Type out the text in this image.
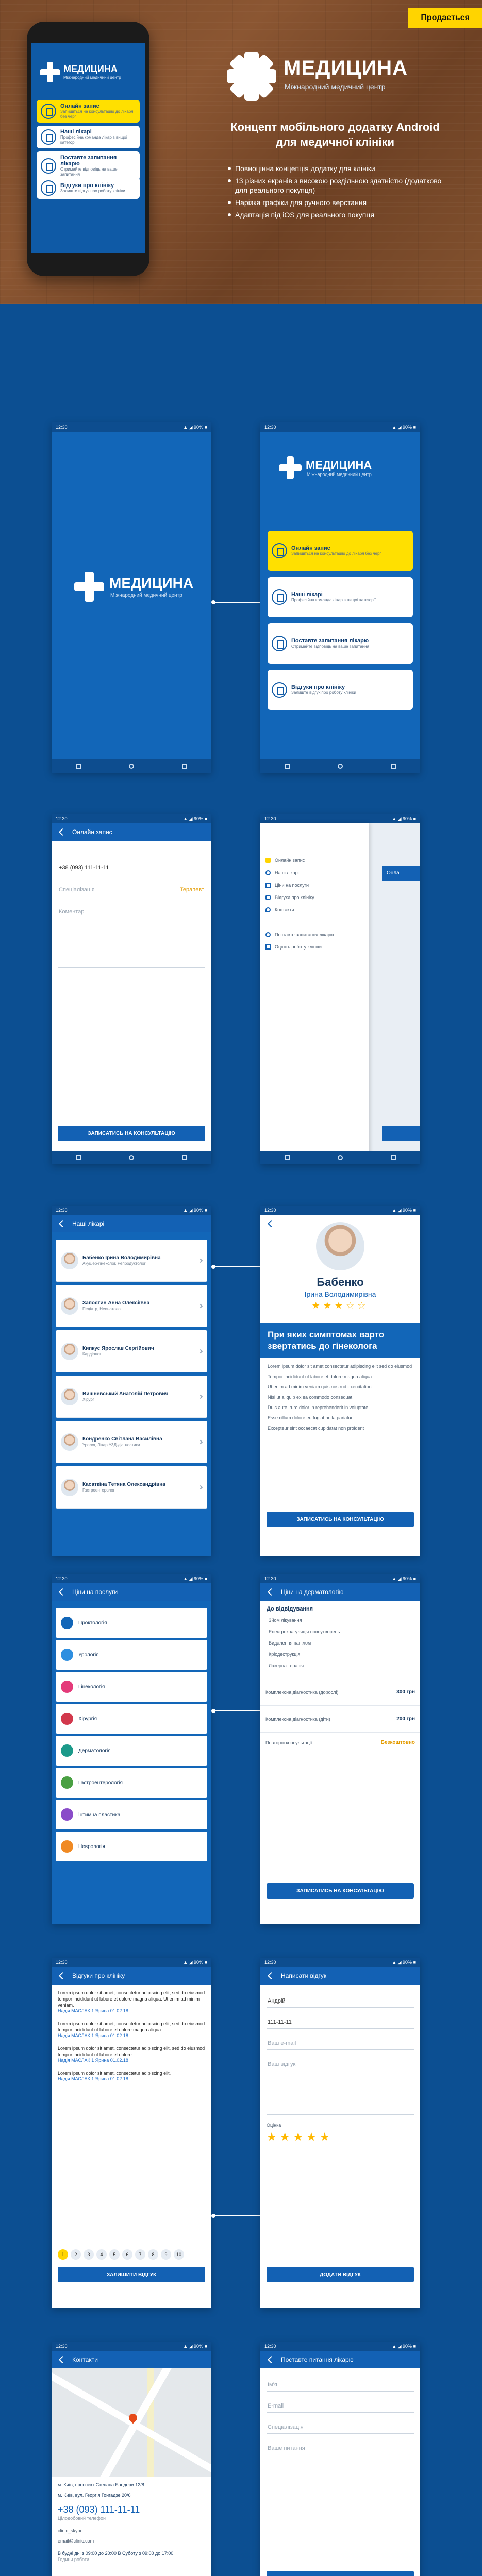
Продається
МЕДИЦИНА
Міжнародний медичний центр
Онлайн запис
Запишіться на консультацію до лікаря без черг
Наші лікарі
Професійна команда лікарів вищої категорії
Поставте запитання лікарю
Отримайте відповідь на ваше запитання
Відгуки про клініку
Залиште відгук про роботу клініки
МЕДИЦИНА
Міжнародний медичний центр
Концепт мобільного додатку Android для медичної клініки
Повноцінна концепція додатку для клініки
13 різних екранів з високою роздільною здатністю (додатково для реального покупця)
Нарізка графіки для ручного верстання
Адаптація під iOS для реального покупця
12:30	▲ ◢ 90% ■
МЕДИЦИНА
Міжнародний медичний центр
12:30	▲ ◢ 90% ■
МЕДИЦИНА
Міжнародний медичний центр
Онлайн запис
Запишіться на консультацію до лікаря без черг
Наші лікарі
Професійна команда лікарів вищої категорії
Поставте запитання лікарю
Отримайте відповідь на ваше запитання
Відгуки про клініку
Залиште відгук про роботу клініки
12:30	▲ ◢ 90% ■
Онлайн запис
+38 (093) 111-11-11
Спеціалізація	Терапевт
Коментар
ЗАПИСАТИСЬ НА КОНСУЛЬТАЦІЮ
12:30	▲ ◢ 90% ■
Онлайн запис
Наші лікарі
Ціни на послуги
Відгуки про клініку
Контакти
Поставте запитання лікарю
Оцініть роботу клініки
Онла
12:30	▲ ◢ 90% ■
Наші лікарі
Бабенко Ірина Володимирівна
Акушер-гінеколог, Репродуктолог
Запоєтин Анна Олексіївна
Педіатр, Неонатолог
Кипкус Ярослав Сергійович
Кардіолог
Вишневський Анатолій Петрович
Хірург
Кондренко Світлана Василівна
Уролог, Лікар УЗД-діагностики
Касаткіна Тетяна Олександрівна
Гастроентеролог
12:30	▲ ◢ 90% ■
Бабенко
Ірина Володимирівна
★★★☆☆
При яких симптомах варто звертатись до гінеколога
Lorem ipsum dolor sit amet consectetur adipiscing elit sed do eiusmod
Tempor incididunt ut labore et dolore magna aliqua
Ut enim ad minim veniam quis nostrud exercitation
Nisi ut aliquip ex ea commodo consequat
Duis aute irure dolor in reprehenderit in voluptate
Esse cillum dolore eu fugiat nulla pariatur
Excepteur sint occaecat cupidatat non proident
ЗАПИСАТИСЬ НА КОНСУЛЬТАЦІЮ
12:30	▲ ◢ 90% ■
Ціни на послуги
Проктологія
Урологія
Гінекологія
Хірургія
Дерматологія
Гастроентерологія
Інтимна пластика
Неврологія
12:30	▲ ◢ 90% ■
Ціни на дерматологію
До відвідування
Зйом лікування
Електрокоагуляція новоутворень
Видалення папілом
Кріодеструкція
Лазерна терапія
Комплексна діагностика (дорослі)	300 грн
Комплексна діагностика (діти)	200 грн
Повторні консультації	Безкоштовно
ЗАПИСАТИСЬ НА КОНСУЛЬТАЦІЮ
12:30	▲ ◢ 90% ■
Відгуки про клініку
Lorem ipsum dolor sit amet, consectetur adipiscing elit, sed do eiusmod tempor incididunt ut labore et dolore magna aliqua. Ut enim ad minim veniam.
Надія МАСЛАК 1 Ярина 01.02.18
Lorem ipsum dolor sit amet, consectetur adipiscing elit, sed do eiusmod tempor incididunt ut labore et dolore magna aliqua.
Надія МАСЛАК 1 Ярина 01.02.18
Lorem ipsum dolor sit amet, consectetur adipiscing elit, sed do eiusmod tempor incididunt ut labore et dolore.
Надія МАСЛАК 1 Ярина 01.02.18
Lorem ipsum dolor sit amet, consectetur adipiscing elit.
Надія МАСЛАК 1 Ярина 01.02.18
1	2	3	4	5	6	7	8	9	10
ЗАЛИШИТИ ВІДГУК
12:30	▲ ◢ 90% ■
Написати відгук
Андрій
111-11-11
Ваш e-mail
Ваш відгук
Оцінка
★★★★★
ДОДАТИ ВІДГУК
12:30	▲ ◢ 90% ■
Контакти
м. Київ, проспект Степана Бандери 12/8
м. Київ, вул. Георгія Гонгадзе 20/6
+38 (093) 111-11-11
Цілодобовий телефон
clinic_skype
email@clinic.com
В будні дні з 09:00 до 20:00 В Суботу з 09:00 до 17:00
Години роботи
12:30	▲ ◢ 90% ■
Поставте питання лікарю
Ім'я
E-mail
Спеціалізація
Ваше питання
